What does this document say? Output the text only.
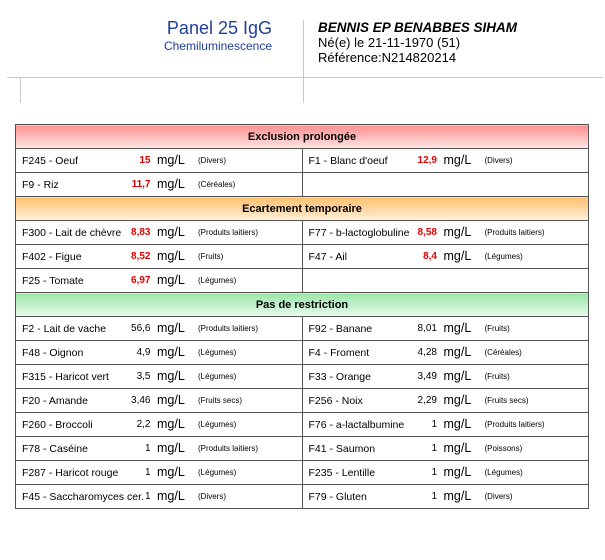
Panel 25 IgG
Chemiluminescence
BENNIS EP BENABBES SIHAM
Né(e) le 21-11-1970 (51)
Référence:N214820214
Exclusion prolongée	

F245 - Oeuf 15 mg/L (Divers)	F1 - Blanc d'oeuf 12,9 mg/L (Divers)

F9 - Riz 11,7 mg/L (Céréales)	

Ecartement temporaire	

F300 - Lait de chèvre 8,83 mg/L (Produits laitiers)	F77 - b-lactoglobuline 8,58 mg/L (Produits laitiers)

F402 - Figue 8,52 mg/L (Fruits)	F47 - Ail 8,4 mg/L (Légumes)

F25 - Tomate 6,97 mg/L (Légumes)	

Pas de restriction	

F2 - Lait de vache 56,6 mg/L (Produits laitiers)	F92 - Banane 8,01 mg/L (Fruits)

F48 - Oignon 4,9 mg/L (Légumes)	F4 - Froment 4,28 mg/L (Céréales)

F315 - Haricot vert 3,5 mg/L (Légumes)	F33 - Orange 3,49 mg/L (Fruits)

F20 - Amande 3,46 mg/L (Fruits secs)	F256 - Noix 2,29 mg/L (Fruits secs)

F260 - Broccoli 2,2 mg/L (Légumes)	F76 - a-lactalbumine 1 mg/L (Produits laitiers)

F78 - Caséine 1 mg/L (Produits laitiers)	F41 - Saumon 1 mg/L (Poissons)

F287 - Haricot rouge 1 mg/L (Légumes)	F235 - Lentille 1 mg/L (Légumes)

F45 - Saccharomyces cer. 1 mg/L (Divers)	F79 - Gluten 1 mg/L (Divers)
